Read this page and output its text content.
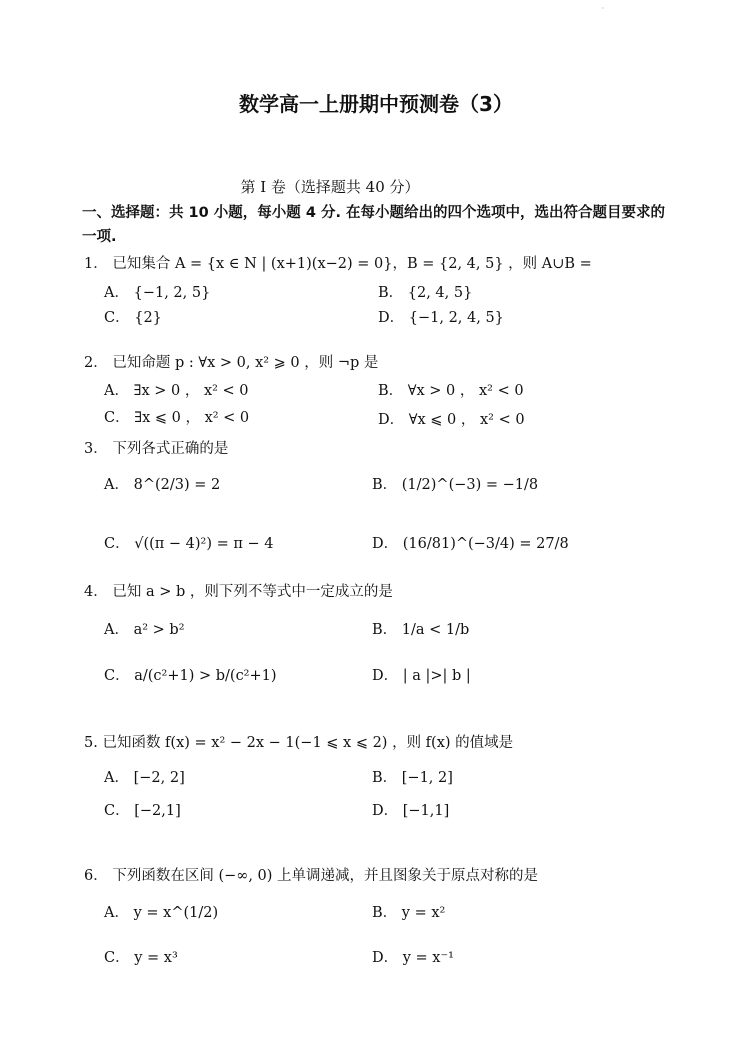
·
数学高一上册期中预测卷（3）
第 I 卷（选择题共 40 分）
一、选择题：共 10 小题，每小题 4 分. 在每小题给出的四个选项中，选出符合题目要求的一项.
1． 已知集合 A = {x ∈ N | (x+1)(x−2) = 0}，B = {2, 4, 5} ，则 A∪B =
A． {−1, 2, 5}	B． {2, 4, 5}
C． {2}	D． {−1, 2, 4, 5}
2． 已知命题 p : ∀x > 0, x² ⩾ 0 ，则 ¬p 是
A． ∃x > 0 ， x² < 0	B． ∀x > 0 ， x² < 0
C． ∃x ⩽ 0 ， x² < 0	D． ∀x ⩽ 0 ， x² < 0
3． 下列各式正确的是
A． 8^(2/3) = 2	B． (1/2)^(−3) = −1/8
C． √((π − 4)²) = π − 4	D． (16/81)^(−3/4) = 27/8
4． 已知 a > b ，则下列不等式中一定成立的是
A． a² > b²	B． 1/a < 1/b
C． a/(c²+1) > b/(c²+1)	D． | a |>| b |
5. 已知函数 f(x) = x² − 2x − 1(−1 ⩽ x ⩽ 2) ，则 f(x) 的值域是
A． [−2, 2]	B． [−1, 2]
C． [−2,1]	D． [−1,1]
6． 下列函数在区间 (−∞, 0) 上单调递减，并且图象关于原点对称的是
A． y = x^(1/2)	B． y = x²
C． y = x³	D． y = x⁻¹
